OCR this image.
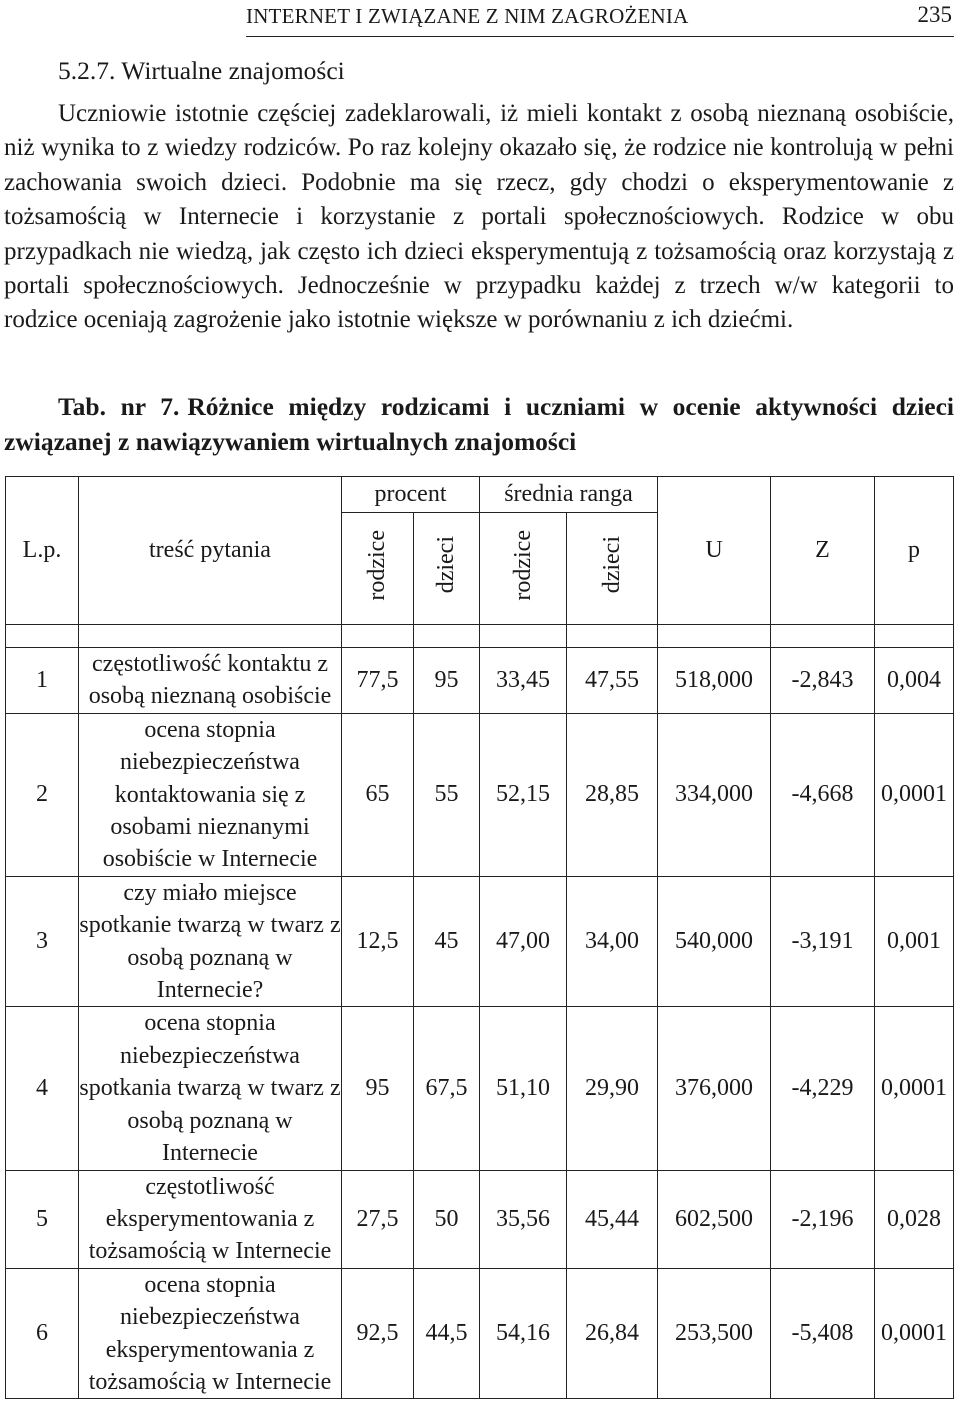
INTERNET I ZWIĄZANE Z NIM ZAGROŻENIA	235
5.2.7. Wirtualne znajomości

Uczniowie istotnie częściej zadeklarowali, iż mieli kontakt z osobą nieznaną osobiście, niż wynika to z wiedzy rodziców. Po raz kolejny okazało się, że rodzice nie kontrolują w pełni zachowania swoich dzieci. Podobnie ma się rzecz, gdy chodzi o eksperymentowanie z tożsamością w Internecie i korzystanie z portali społecznościowych. Rodzice w obu przypadkach nie wiedzą, jak często ich dzieci eksperymentują z tożsamością oraz korzystają z portali społecznościowych. Jednocześnie w przypadku każdej z trzech w/w kategorii to rodzice oceniają zagrożenie jako istotnie większe w porównaniu z ich dziećmi.

Tab. nr 7. Różnice między rodzicami i uczniami w ocenie aktywności dzieci związanej z nawiązywaniem wirtualnych znajomości

L.p.	treść pytania	procent		średnia ranga		U	Z	p
		rodzice	dzieci	rodzice	dzieci			

1	częstotliwość kontaktu z osobą nieznaną osobiście	77,5	95	33,45	47,55	518,000	-2,843	0,004
2	ocena stopnia niebezpieczeństwa kontaktowania się z osobami nieznanymi osobiście w Internecie	65	55	52,15	28,85	334,000	-4,668	0,0001
3	czy miało miejsce spotkanie twarzą w twarz z osobą poznaną w Internecie?	12,5	45	47,00	34,00	540,000	-3,191	0,001
4	ocena stopnia niebezpieczeństwa spotkania twarzą w twarz z osobą poznaną w Internecie	95	67,5	51,10	29,90	376,000	-4,229	0,0001
5	częstotliwość eksperymentowania z tożsamością w Internecie	27,5	50	35,56	45,44	602,500	-2,196	0,028
6	ocena stopnia niebezpieczeństwa eksperymentowania z tożsamością w Internecie	92,5	44,5	54,16	26,84	253,500	-5,408	0,0001
